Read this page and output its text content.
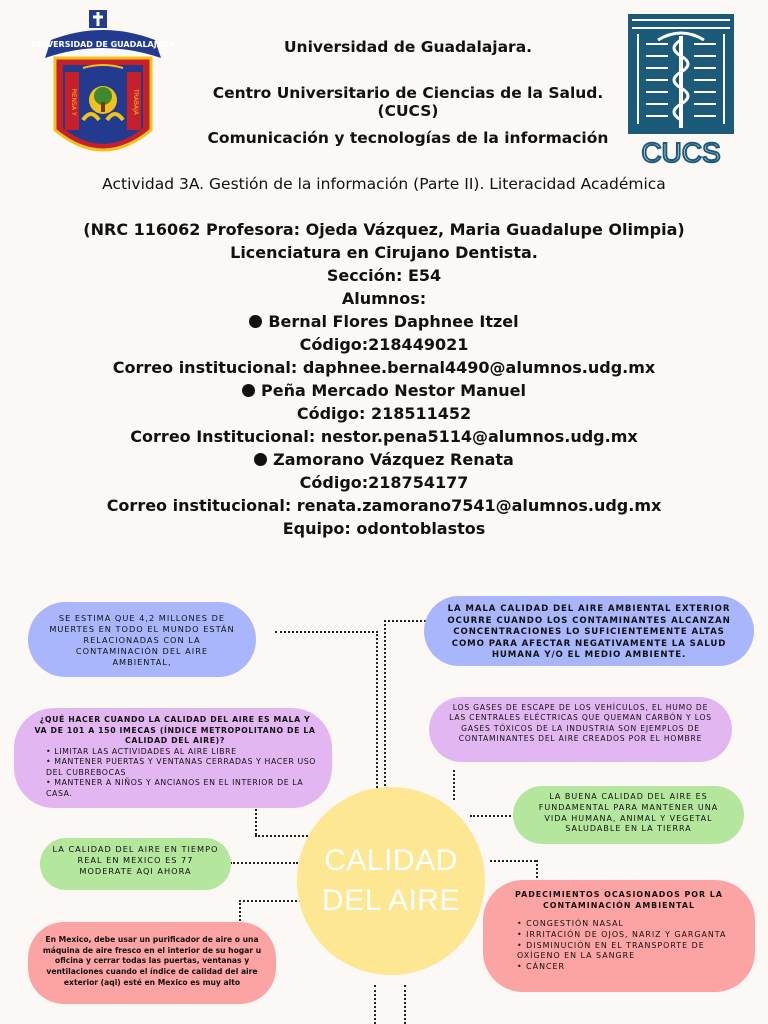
UNIVERSIDAD DE GUADALAJARA
PIENSA Y	TRABAJA
CUCS
Universidad de Guadalajara.
Centro Universitario de Ciencias de la Salud. (CUCS)
Comunicación y tecnologías de la información
Actividad 3A. Gestión de la información (Parte II). Literacidad Académica
(NRC 116062 Profesora: Ojeda Vázquez, Maria Guadalupe Olimpia)
Licenciatura en Cirujano Dentista.
Sección: E54
Alumnos:
Bernal Flores Daphnee Itzel
Código:218449021
Correo institucional: daphnee.bernal4490@alumnos.udg.mx
Peña Mercado Nestor Manuel
Código: 218511452
Correo Institucional: nestor.pena5114@alumnos.udg.mx
Zamorano Vázquez Renata
Código:218754177
Correo institucional: renata.zamorano7541@alumnos.udg.mx
Equipo: odontoblastos
SE ESTIMA QUE 4,2 MILLONES DE MUERTES EN TODO EL MUNDO ESTÁN RELACIONADAS CON LA CONTAMINACIÓN DEL AIRE AMBIENTAL,
LA MALA CALIDAD DEL AIRE AMBIENTAL EXTERIOR OCURRE CUANDO LOS CONTAMINANTES ALCANZAN CONCENTRACIONES LO SUFICIENTEMENTE ALTAS COMO PARA AFECTAR NEGATIVAMENTE LA SALUD HUMANA Y/O EL MEDIO AMBIENTE.
¿QUÉ HACER CUANDO LA CALIDAD DEL AIRE ES MALA Y VA DE 101 A 150 IMECAS (ÍNDICE METROPOLITANO DE LA CALIDAD DEL AIRE)?
• LIMITAR LAS ACTIVIDADES AL AIRE LIBRE
• MANTENER PUERTAS Y VENTANAS CERRADAS Y HACER USO DEL CUBREBOCAS
• MANTENER A NIÑOS Y ANCIANOS EN EL INTERIOR DE LA CASA.
LOS GASES DE ESCAPE DE LOS VEHÍCULOS, EL HUMO DE LAS CENTRALES ELÉCTRICAS QUE QUEMAN CARBÓN Y LOS GASES TÓXICOS DE LA INDUSTRIA SON EJEMPLOS DE CONTAMINANTES DEL AIRE CREADOS POR EL HOMBRE
LA BUENA CALIDAD DEL AIRE ES FUNDAMENTAL PARA MANTENER UNA VIDA HUMANA, ANIMAL Y VEGETAL SALUDABLE EN LA TIERRA
LA CALIDAD DEL AIRE EN TIEMPO REAL EN MEXICO ES 77 MODERATE AQI AHORA
PADECIMIENTOS OCASIONADOS POR LA CONTAMINACIÓN AMBIENTAL
• CONGESTIÓN NASAL
• IRRITACIÓN DE OJOS, NARIZ Y GARGANTA
• DISMINUCIÓN EN EL TRANSPORTE DE OXÍGENO EN LA SANGRE
• CÁNCER
En Mexico, debe usar un purificador de aire o una máquina de aire fresco en el interior de su hogar u oficina y cerrar todas las puertas, ventanas y ventilaciones cuando el índice de calidad del aire exterior (aqi) esté en Mexico es muy alto
CALIDAD DEL AIRE
